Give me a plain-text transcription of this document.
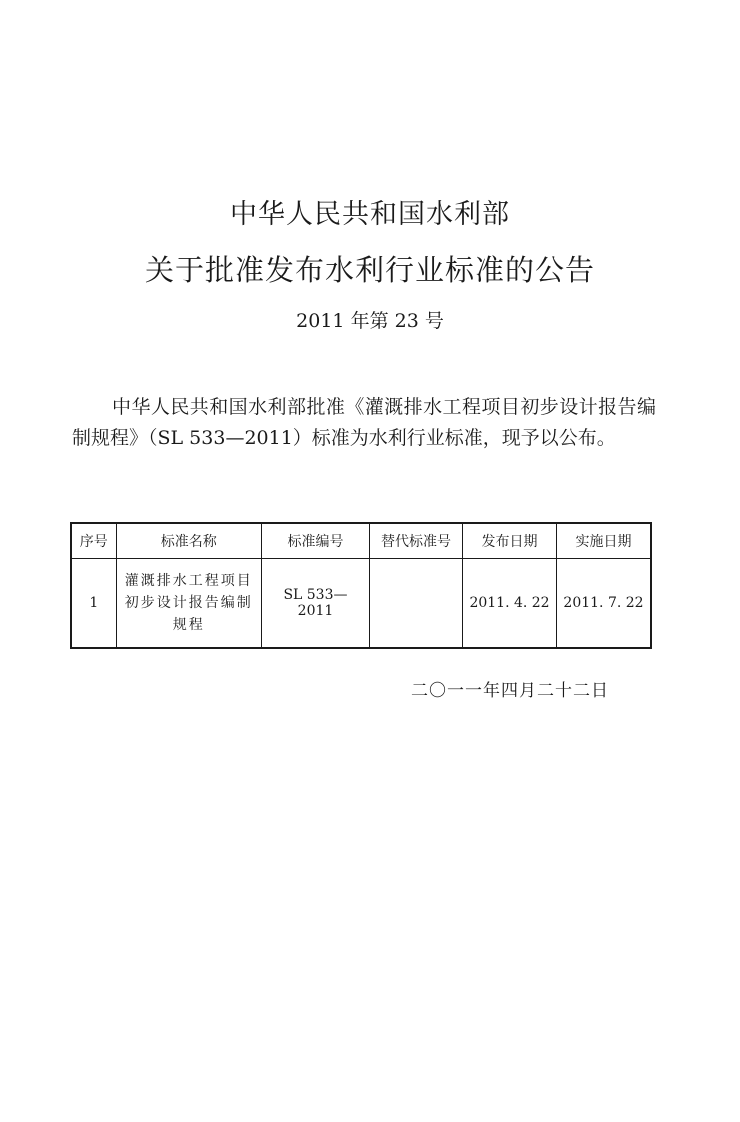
中华人民共和国水利部
关于批准发布水利行业标准的公告
2011 年第 23 号

中华人民共和国水利部批准《灌溉排水工程项目初步设计报告编制规程》（SL 533—2011）标准为水利行业标准，现予以公布。

序号	标准名称	标准编号	替代标准号	发布日期	实施日期
1	灌溉排水工程项目初步设计报告编制规程	SL 533—2011		2011. 4. 22	2011. 7. 22
二〇一一年四月二十二日
